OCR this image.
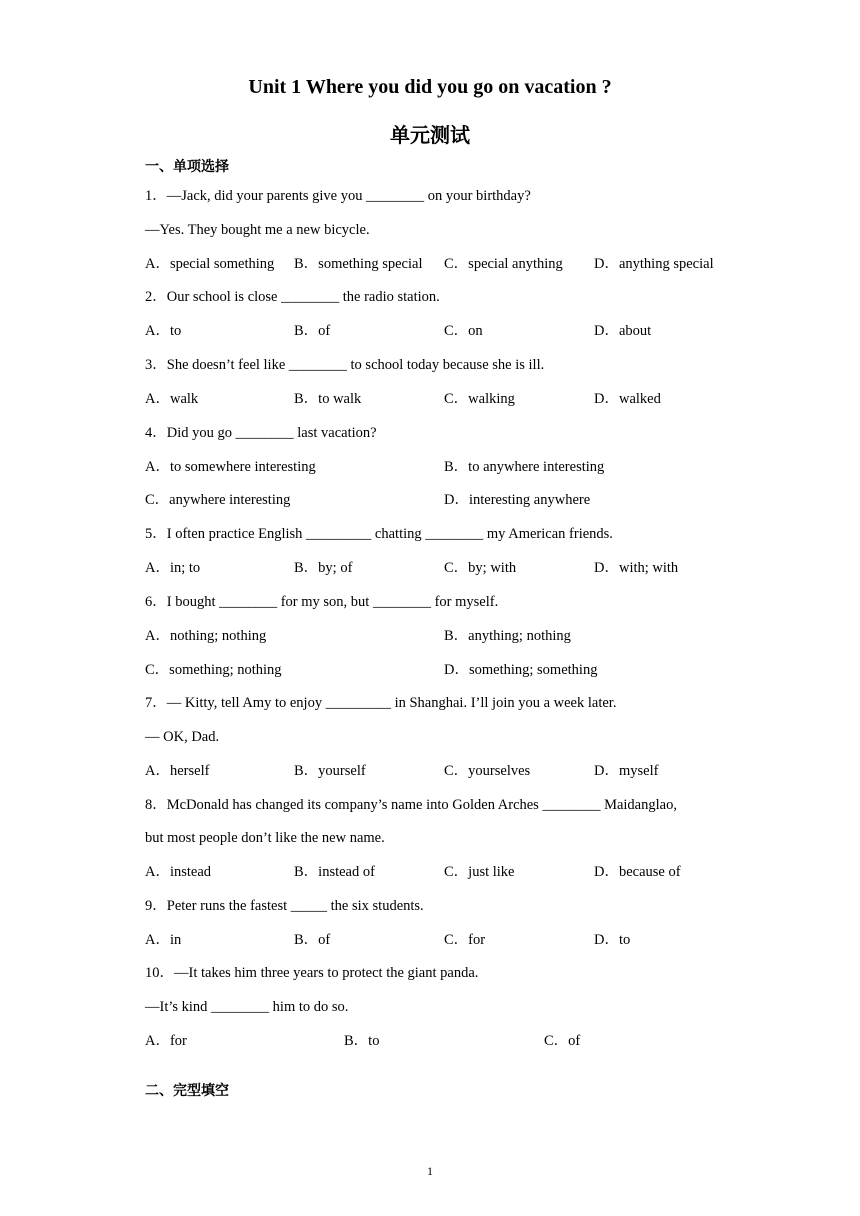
Unit 1 Where you did you go on vacation ?
单元测试
一、单项选择
1．—Jack, did your parents give you ________ on your birthday?
—Yes. They bought me a new bicycle.
A．special something B．something special C．special anything D．anything special
2．Our school is close ________ the radio station.
A．to	B．of	C．on	D．about
3．She doesn’t feel like ________ to school today because she is ill.
A．walk	B．to walk	C．walking	D．walked
4．Did you go ________ last vacation?
A．to somewhere interesting	B．to anywhere interesting
C．anywhere interesting	D．interesting anywhere
5．I often practice English _________ chatting ________ my American friends.
A．in; to	B．by; of	C．by; with	D．with; with
6．I bought ________ for my son, but ________ for myself.
A．nothing; nothing	B．anything; nothing
C．something; nothing	D．something; something
7．— Kitty, tell Amy to enjoy _________ in Shanghai. I’ll join you a week later.
— OK, Dad.
A．herself	B．yourself	C．yourselves	D．myself
8．McDonald has changed its company’s name into Golden Arches ________ Maidanglao,
but most people don’t like the new name.
A．instead	B．instead of	C．just like	D．because of
9．Peter runs the fastest _____ the six students.
A．in	B．of	C．for	D．to
10．—It takes him three years to protect the giant panda.
—It’s kind ________ him to do so.
A．for	B．to	C．of
二、完型填空
1
